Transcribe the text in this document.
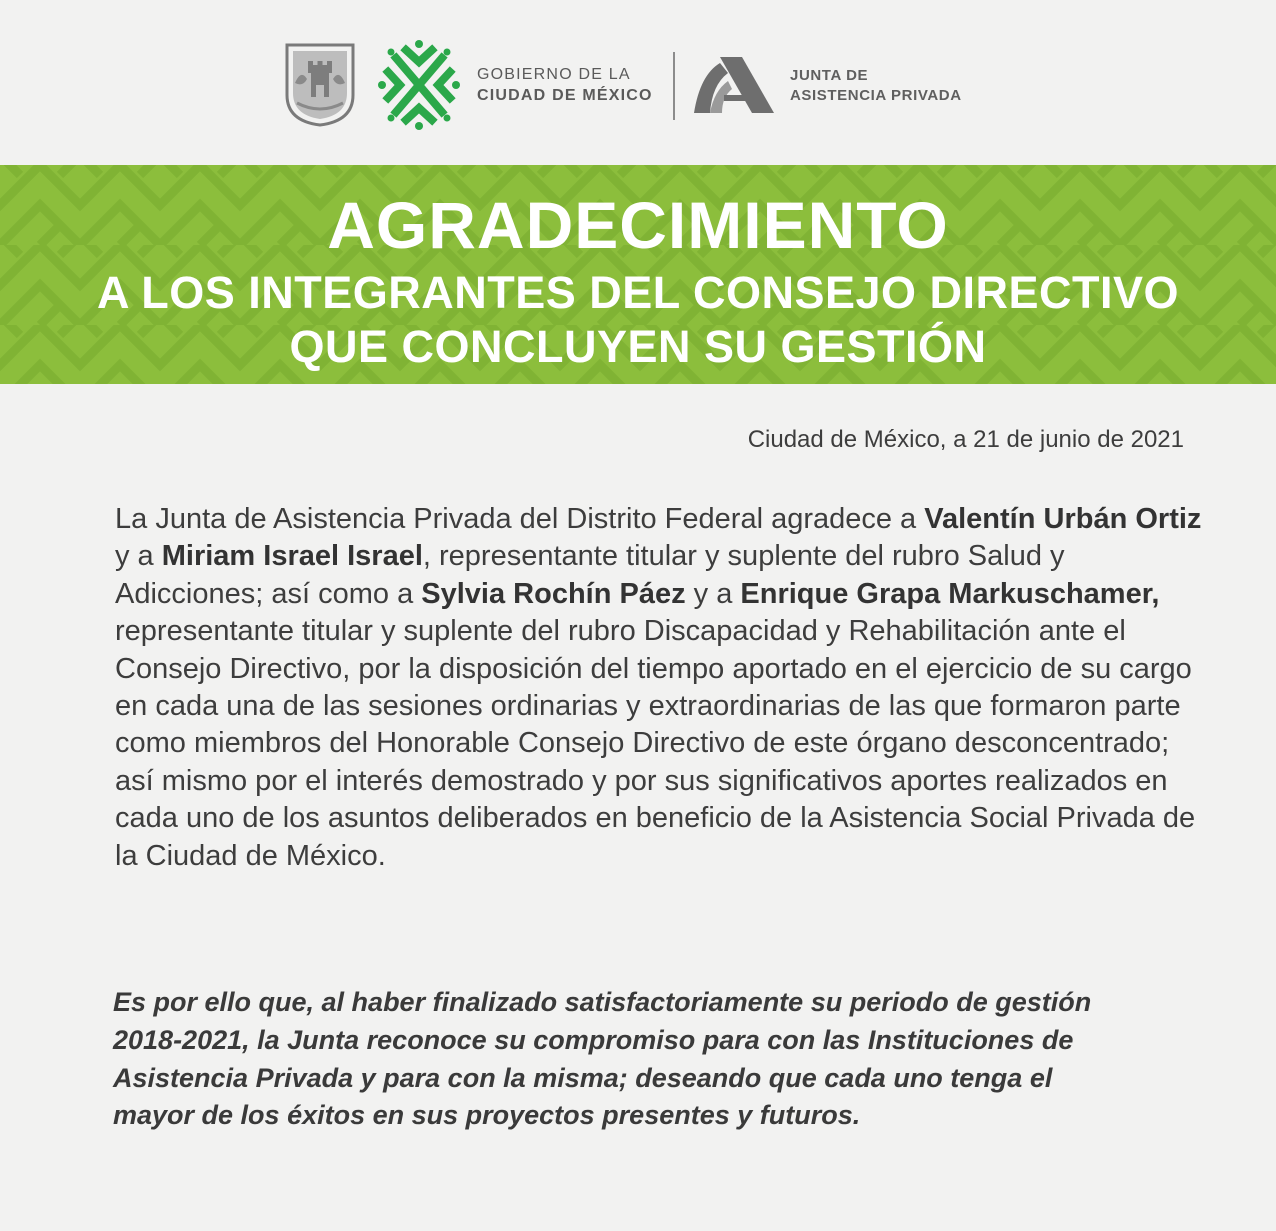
GOBIERNO DE LA
CIUDAD DE MÉXICO
JUNTA DE
ASISTENCIA PRIVADA
AGRADECIMIENTO
A LOS INTEGRANTES DEL CONSEJO DIRECTIVO
QUE CONCLUYEN SU GESTIÓN
Ciudad de México, a 21 de junio de 2021

La Junta de Asistencia Privada del Distrito Federal agradece a Valentín Urbán Ortiz y a Miriam Israel Israel, representante titular y suplente del rubro Salud y Adicciones; así como a Sylvia Rochín Páez y a Enrique Grapa Markuschamer, representante titular y suplente del rubro Discapacidad y Rehabilitación ante el Consejo Directivo, por la disposición del tiempo aportado en el ejercicio de su cargo en cada una de las sesiones ordinarias y extraordinarias de las que formaron parte como miembros del Honorable Consejo Directivo de este órgano desconcentrado; así mismo por el interés demostrado y por sus significativos aportes realizados en cada uno de los asuntos deliberados en beneficio de la Asistencia Social Privada de la Ciudad de México.

Es por ello que, al haber finalizado satisfactoriamente su periodo de gestión 2018-2021, la Junta reconoce su compromiso para con las Instituciones de Asistencia Privada y para con la misma; deseando que cada uno tenga el mayor de los éxitos en sus proyectos presentes y futuros.
